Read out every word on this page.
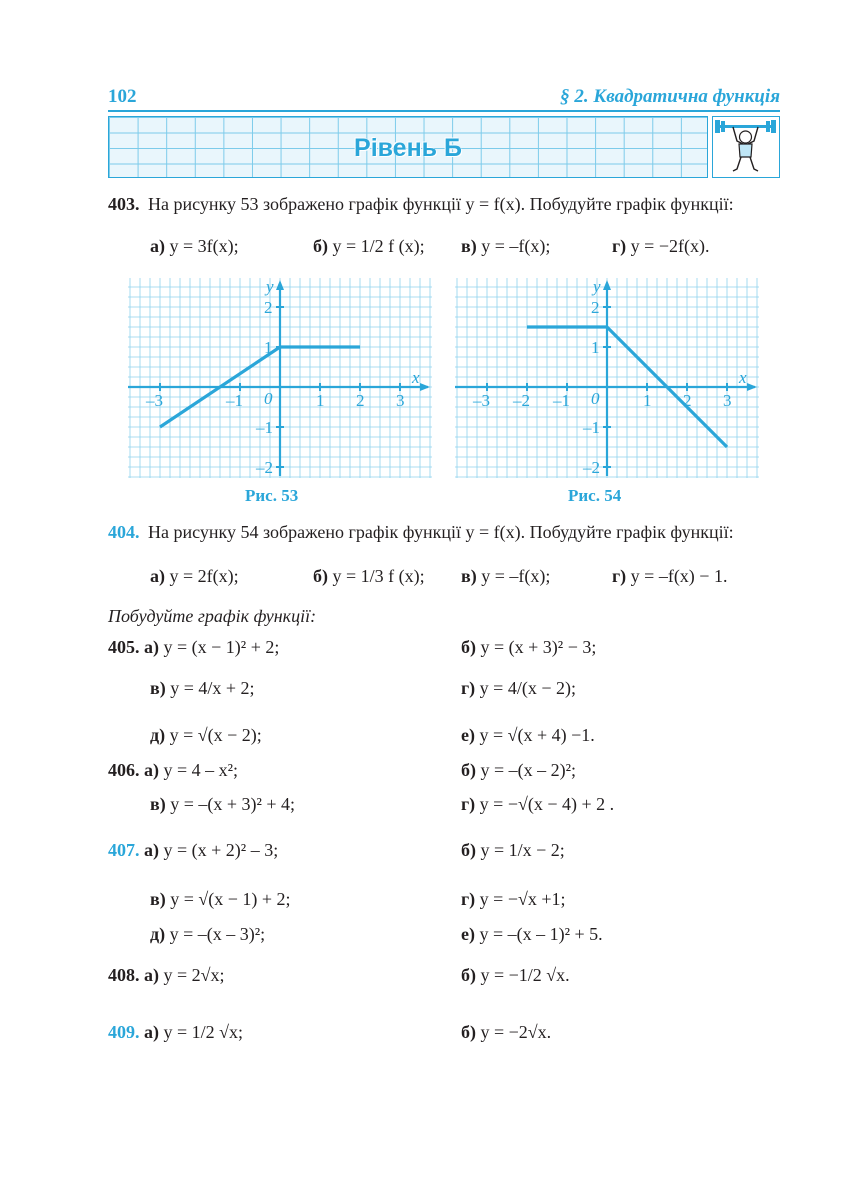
102	§ 2. Квадратична функція
Рівень Б
403. На рисунку 53 зображено графік функції y = f(x). Побудуйте графік функції:
а) y = 3f(x);	б) y = 1/2 f (x); в) y = –f(x);	г) y = −2f(x).
x
y
0
–3	–1	1 2 3
–2
–1
1
2
x
y
0
–3 –2 –1	1 2 3
–2
–1
1
2
Рис. 53	Рис. 54
404. На рисунку 54 зображено графік функції y = f(x). Побудуйте графік функції:
а) y = 2f(x);	б) y = 1/3 f (x); в) y = –f(x);	г) y = –f(x) − 1.
Побудуйте графік функції:
405. а) y = (x − 1)² + 2;	б) y = (x + 3)² − 3;
в) y = 4/x + 2;	г) y = 4/(x − 2);
д) y = √(x − 2);	е) y = √(x + 4) −1.
406. а) y = 4 – x²;	б) y = –(x – 2)²;
в) y = –(x + 3)² + 4;	г) y = −√(x − 4) + 2 .
407. а) y = (x + 2)² – 3;	б) y = 1/x − 2;
в) y = √(x − 1) + 2;	г) y = −√x +1;
д) y = –(x – 3)²;	е) y = –(x – 1)² + 5.
408. а) y = 2√x;	б) y = −1/2 √x.
409. а) y = 1/2 √x;	б) y = −2√x.
